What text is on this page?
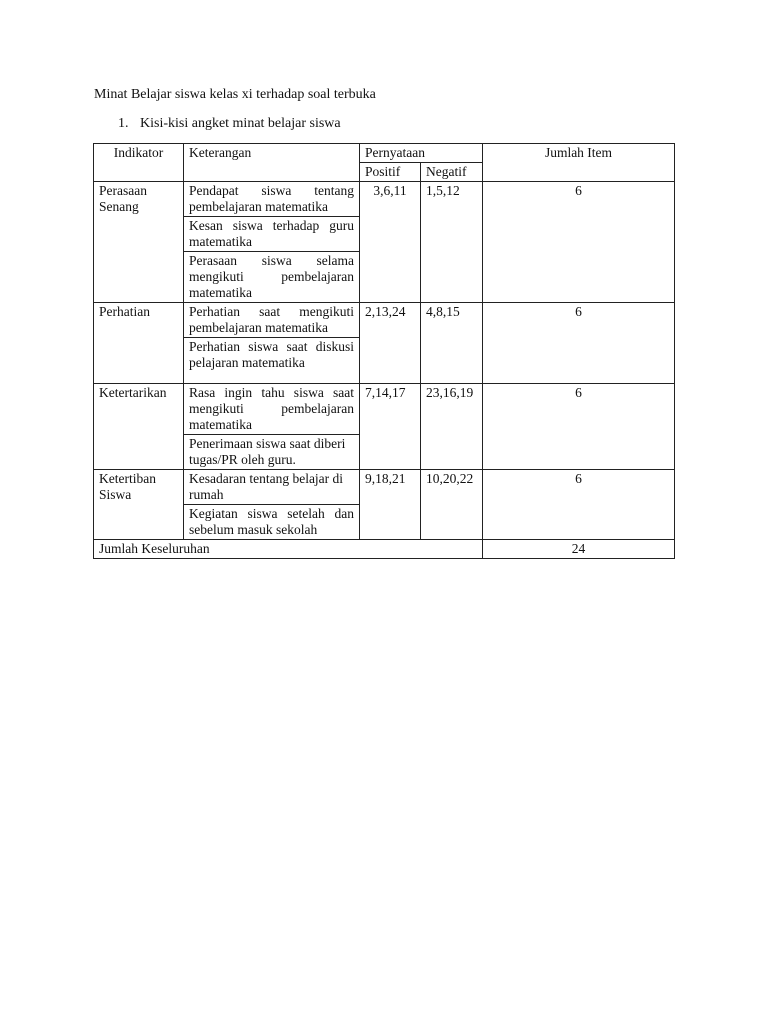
Minat Belajar siswa kelas xi terhadap soal terbuka
1. Kisi-kisi angket minat belajar siswa
Indikator	Keterangan	Pernyataan		Jumlah Item
		Positif	Negatif	
Perasaan Senang	Pendapat siswa tentang pembelajaran matematika	3,6,11	1,5,12	6
	Kesan siswa terhadap guru matematika			
	Perasaan siswa selama mengikuti pembelajaran matematika			
Perhatian	Perhatian saat mengikuti pembelajaran matematika	2,13,24	4,8,15	6
	Perhatian siswa saat diskusi pelajaran matematika			
Ketertarikan	Rasa ingin tahu siswa saat mengikuti pembelajaran matematika	7,14,17	23,16,19	6
	Penerimaan siswa saat diberi tugas/PR oleh guru.			
Ketertiban Siswa	Kesadaran tentang belajar di rumah	9,18,21	10,20,22	6
	Kegiatan siswa setelah dan sebelum masuk sekolah			
Jumlah Keseluruhan				24
